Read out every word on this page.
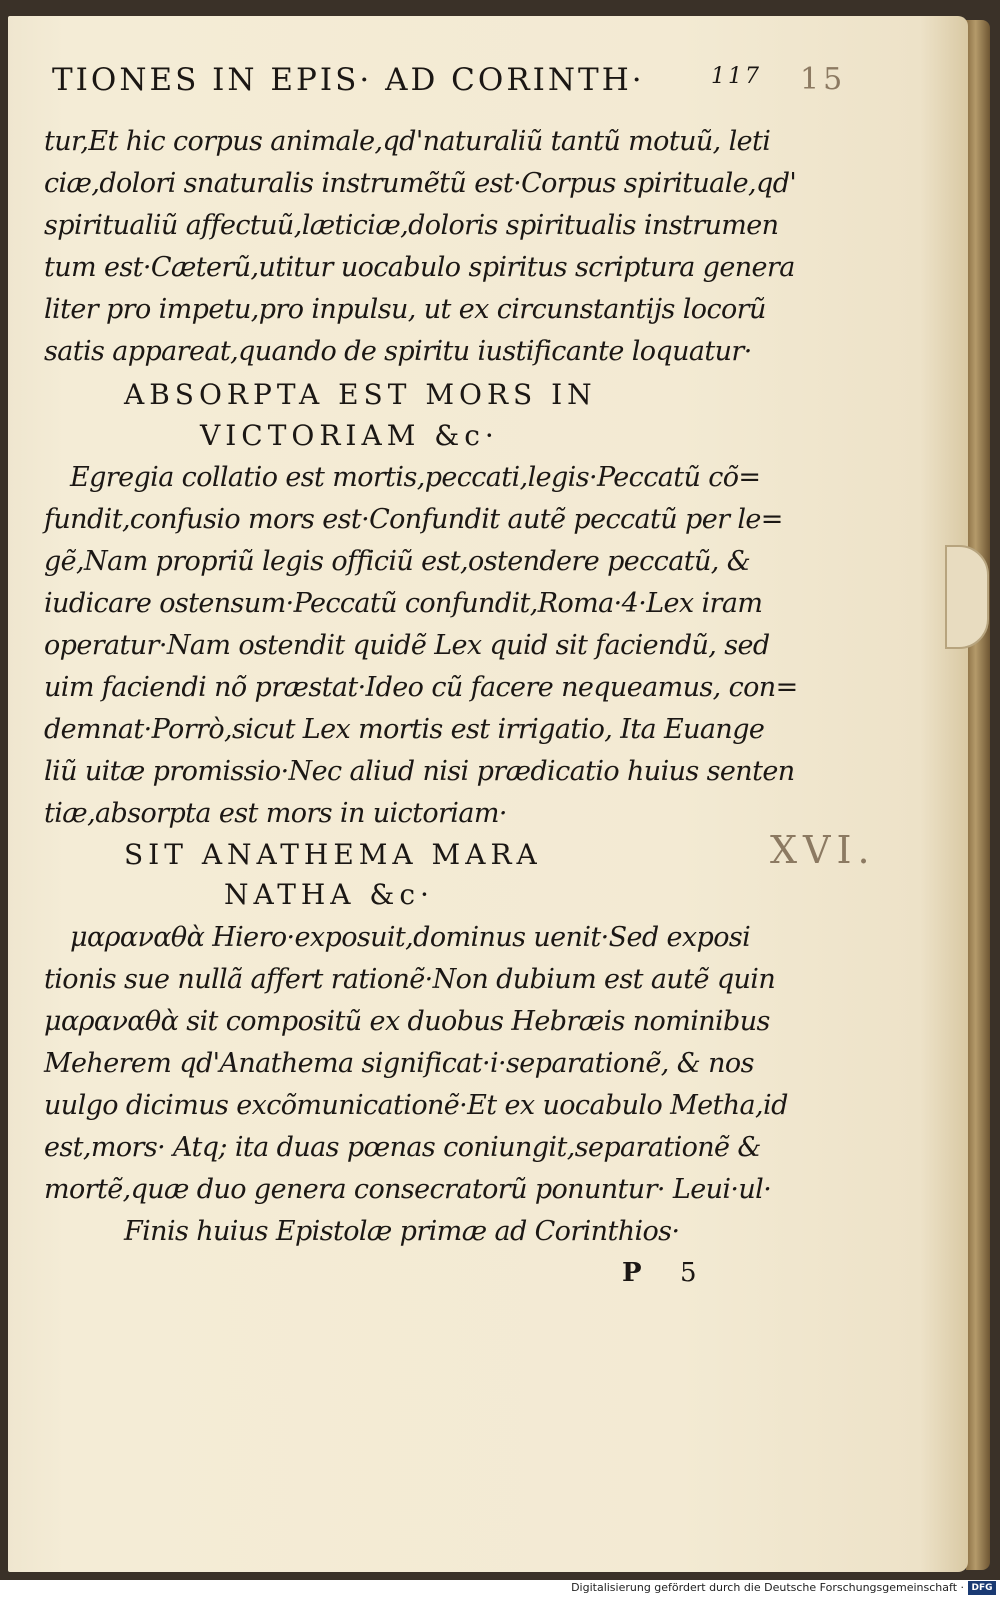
TIONES IN EPIS· AD CORINTH·	117 15
XVI.
tur,Et hic corpus animale,qd'naturaliũ tantũ motuũ, leti
ciæ,dolori snaturalis instrumẽtũ est·Corpus spirituale,qd'
spiritualiũ affectuũ,læticiæ,doloris spiritualis instrumen
tum est·Cæterũ,utitur uocabulo spiritus scriptura genera
liter pro impetu,pro inpulsu, ut ex circunstantijs locorũ
satis appareat,quando de spiritu iustificante loquatur·
ABSORPTA EST MORS IN
VICTORIAM &c·
Egregia collatio est mortis,peccati,legis·Peccatũ cõ=
fundit,confusio mors est·Confundit autẽ peccatũ per le=
gẽ,Nam propriũ legis officiũ est,ostendere peccatũ, &
iudicare ostensum·Peccatũ confundit,Roma·4·Lex iram
operatur·Nam ostendit quidẽ Lex quid sit faciendũ, sed
uim faciendi nõ præstat·Ideo cũ facere nequeamus, con=
demnat·Porrò,sicut Lex mortis est irrigatio, Ita Euange
liũ uitæ promissio·Nec aliud nisi prædicatio huius senten
tiæ,absorpta est mors in uictoriam·
SIT ANATHEMA MARA
NATHA &c·
μαραναθὰ Hiero·exposuit,dominus uenit·Sed exposi
tionis sue nullã affert rationẽ·Non dubium est autẽ quin
μαραναθὰ sit compositũ ex duobus Hebræis nominibus
Meherem qd'Anathema significat·i·separationẽ, & nos
uulgo dicimus excõmunicationẽ·Et ex uocabulo Metha,id
est,mors· Atq; ita duas pœnas coniungit,separationẽ &
mortẽ,quæ duo genera consecratorũ ponuntur· Leui·ul·
Finis huius Epistolæ primæ ad Corinthios·
P 5
Digitalisierung gefördert durch die Deutsche Forschungsgemeinschaft · DFG
